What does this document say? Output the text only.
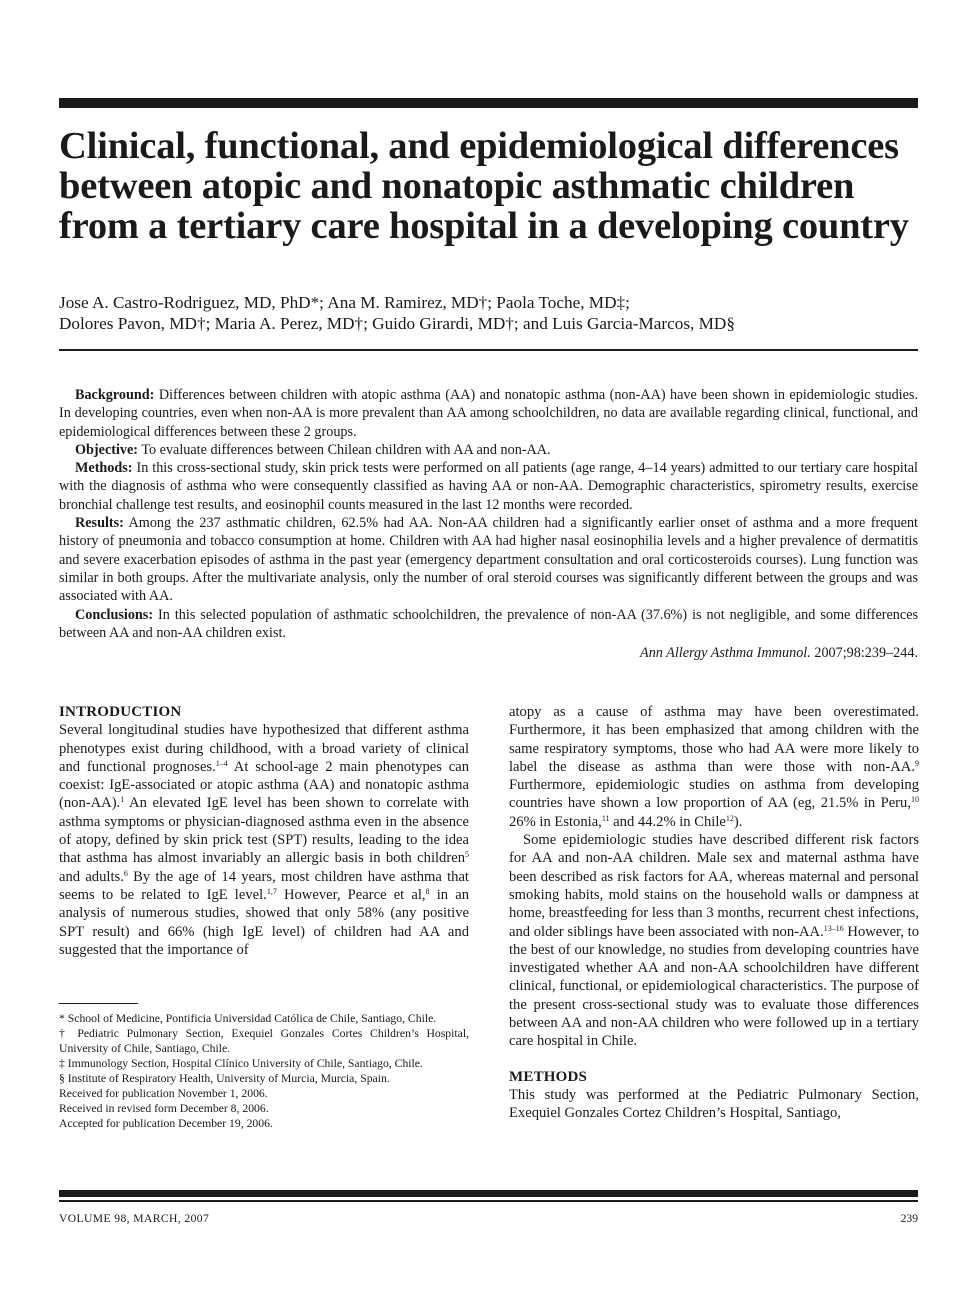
Clinical, functional, and epidemiological differences between atopic and nonatopic asthmatic children from a tertiary care hospital in a developing country
Jose A. Castro-Rodriguez, MD, PhD*; Ana M. Ramirez, MD†; Paola Toche, MD‡;
Dolores Pavon, MD†; Maria A. Perez, MD†; Guido Girardi, MD†; and Luis Garcia-Marcos, MD§

Background: Differences between children with atopic asthma (AA) and nonatopic asthma (non-AA) have been shown in epidemiologic studies. In developing countries, even when non-AA is more prevalent than AA among schoolchildren, no data are available regarding clinical, functional, and epidemiological differences between these 2 groups.

Objective: To evaluate differences between Chilean children with AA and non-AA.

Methods: In this cross-sectional study, skin prick tests were performed on all patients (age range, 4–14 years) admitted to our tertiary care hospital with the diagnosis of asthma who were consequently classified as having AA or non-AA. Demographic characteristics, spirometry results, exercise bronchial challenge test results, and eosinophil counts measured in the last 12 months were recorded.

Results: Among the 237 asthmatic children, 62.5% had AA. Non-AA children had a significantly earlier onset of asthma and a more frequent history of pneumonia and tobacco consumption at home. Children with AA had higher nasal eosinophilia levels and a higher prevalence of dermatitis and severe exacerbation episodes of asthma in the past year (emergency department consultation and oral corticosteroids courses). Lung function was similar in both groups. After the multivariate analysis, only the number of oral steroid courses was significantly different between the groups and was associated with AA.

Conclusions: In this selected population of asthmatic schoolchildren, the prevalence of non-AA (37.6%) is not negligible, and some differences between AA and non-AA children exist.

Ann Allergy Asthma Immunol. 2007;98:239–244.

INTRODUCTION

Several longitudinal studies have hypothesized that different asthma phenotypes exist during childhood, with a broad variety of clinical and functional prognoses.$^{1-4}$ At school-age 2 main phenotypes can coexist: IgE-associated or atopic asthma (AA) and nonatopic asthma (non-AA).$^1$ An elevated IgE level has been shown to correlate with asthma symptoms or physician-diagnosed asthma even in the absence of atopy, defined by skin prick test (SPT) results, leading to the idea that asthma has almost invariably an allergic basis in both children$^5$ and adults.$^6$ By the age of 14 years, most children have asthma that seems to be related to IgE level.$^{1,7}$ However, Pearce et al,$^8$ in an analysis of numerous studies, showed that only 58% (any positive SPT result) and 66% (high IgE level) of children had AA and suggested that the importance of

* School of Medicine, Pontificia Universidad Católica de Chile, Santiago, Chile.

† Pediatric Pulmonary Section, Exequiel Gonzales Cortes Children’s Hospital, University of Chile, Santiago, Chile.

‡ Immunology Section, Hospital Clínico University of Chile, Santiago, Chile.

§ Institute of Respiratory Health, University of Murcia, Murcia, Spain.

Received for publication November 1, 2006.

Received in revised form December 8, 2006.

Accepted for publication December 19, 2006.

atopy as a cause of asthma may have been overestimated. Furthermore, it has been emphasized that among children with the same respiratory symptoms, those who had AA were more likely to label the disease as asthma than were those with non-AA.$^9$ Furthermore, epidemiologic studies on asthma from developing countries have shown a low proportion of AA (eg, 21.5% in Peru,$^{10}$ 26% in Estonia,$^{11}$ and 44.2% in Chile$^{12}$).

Some epidemiologic studies have described different risk factors for AA and non-AA children. Male sex and maternal asthma have been described as risk factors for AA, whereas maternal and personal smoking habits, mold stains on the household walls or dampness at home, breastfeeding for less than 3 months, recurrent chest infections, and older siblings have been associated with non-AA.$^{13-16}$ However, to the best of our knowledge, no studies from developing countries have investigated whether AA and non-AA schoolchildren have different clinical, functional, or epidemiological characteristics. The purpose of the present cross-sectional study was to evaluate those differences between AA and non-AA children who were followed up in a tertiary care hospital in Chile.

METHODS

This study was performed at the Pediatric Pulmonary Section, Exequiel Gonzales Cortez Children’s Hospital, Santiago,

VOLUME 98, MARCH, 2007	239
